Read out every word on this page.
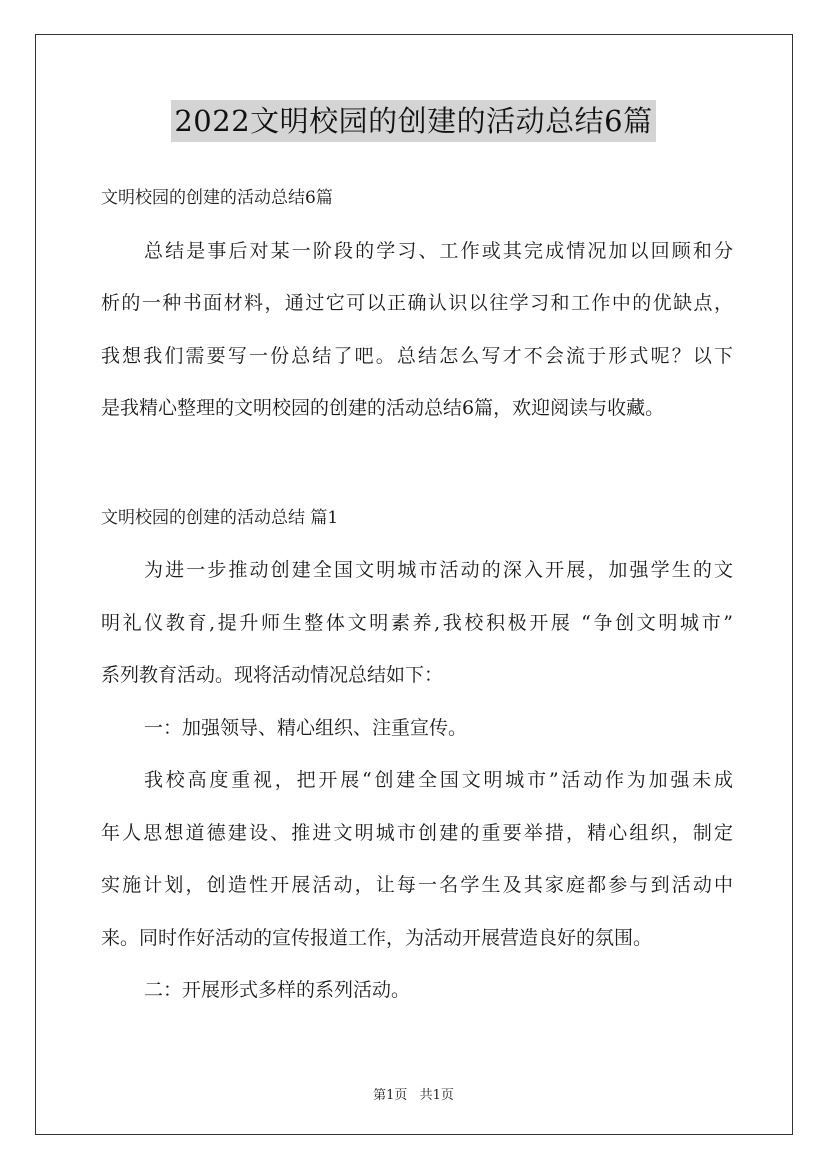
2022文明校园的创建的活动总结6篇
文明校园的创建的活动总结6篇
总结是事后对某一阶段的学习、工作或其完成情况加以回顾和分
析的一种书面材料，通过它可以正确认识以往学习和工作中的优缺点，
我想我们需要写一份总结了吧。总结怎么写才不会流于形式呢？以下
是我精心整理的文明校园的创建的活动总结6篇，欢迎阅读与收藏。
文明校园的创建的活动总结 篇1
为进一步推动创建全国文明城市活动的深入开展，加强学生的文
明礼仪教育,提升师生整体文明素养,我校积极开展 “争创文明城市”
系列教育活动。现将活动情况总结如下：
一：加强领导、精心组织、注重宣传。
我校高度重视，把开展“创建全国文明城市”活动作为加强未成
年人思想道德建设、推进文明城市创建的重要举措，精心组织，制定
实施计划，创造性开展活动，让每一名学生及其家庭都参与到活动中
来。同时作好活动的宣传报道工作，为活动开展营造良好的氛围。
二：开展形式多样的系列活动。
第1页 共1页
